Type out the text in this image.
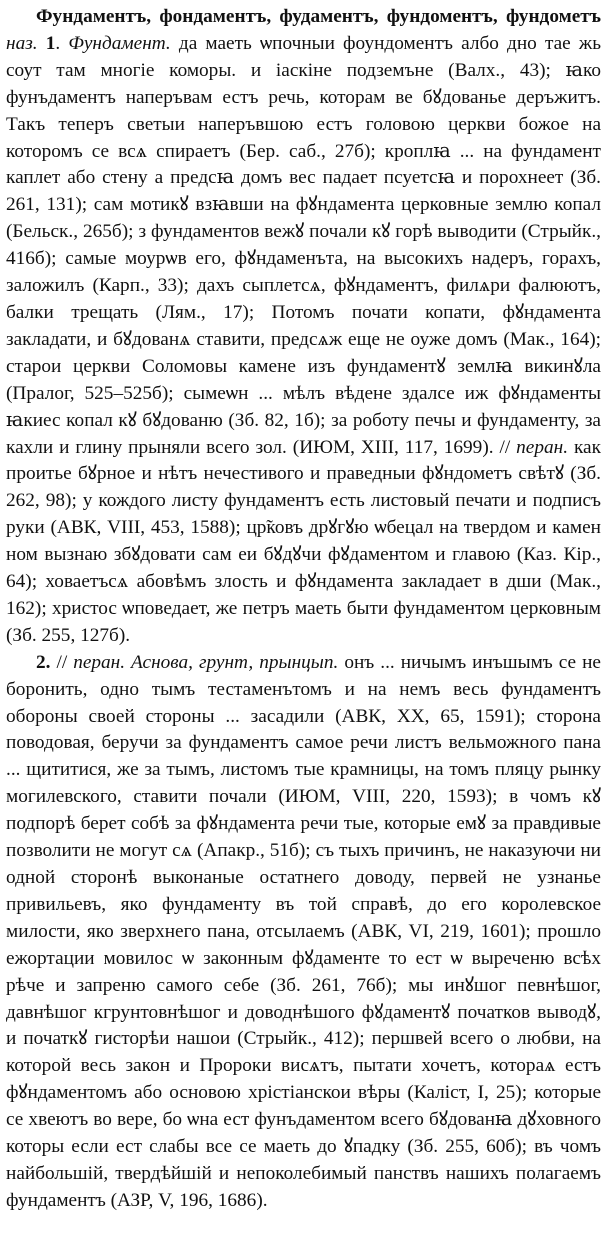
Фундаментъ, фондаментъ, фудаментъ, фундоментъ, фундометъ наз. 1. Фундамент. да маеть ѡпочныи фоундоментъ албо дно тае жь соут там многіе коморы. и іаскіне подземъне (Валх., 43); ꙗко фунъдаментъ наперъвам естъ речь, которам ве бꙋдованье деръжитъ. Такъ теперъ светыи наперъвшою естъ головою церкви божое на которомъ се всѧ спираетъ (Бер. саб., 27б); кроплꙗ ... на фундамент каплет або стену а предсꙗ домъ вес падает псуетсꙗ и порохнеет (Зб. 261, 131); сам мотикꙋ взꙗвши на фꙋндамента церковные землю копал (Бельск., 265б); з фундаментов вежꙋ почали кꙋ горѣ выводити (Стрыйк., 416б); самые моурѡв его, фꙋндаменъта, на высокихъ надеръ, горахъ, заложилъ (Карп., 33); дахъ сыплетсѧ, фꙋндаментъ, филѧри фалюютъ, балки трещать (Лям., 17); Потомъ почати копати, фꙋндамента закладати, и бꙋдованѧ ставити, предсѧж еще не оуже домъ (Мак., 164); старои церкви Соломовы камене изъ фундаментꙋ землꙗ викинꙋла (Пралог, 525–525б); сымеѡн ... мѣлъ вѣдене здалсе иж фꙋндаменты ꙗкиес копал кꙋ бꙋдованю (Зб. 82, 1б); за роботу печы и фундаменту, за кахли и глину прыняли всего зол. (ИЮМ, XIII, 117, 1699). // перан. как проитье бꙋрное и нѣтъ нечестивого и праведныи фꙋндометъ свѣтꙋ (Зб. 262, 98); у кождого листу фундаментъ есть листовый печати и подписъ руки (АВК, VIII, 453, 1588); цр̃ковъ дрꙋгꙋю ѡбецал на твердом и камен ном вызнаю збꙋдовати сам еи бꙋдꙋчи фꙋдаментом и главою (Каз. Кір., 64); ховаетъсѧ абовѣмъ злость и фꙋндамента закладает в дши (Мак., 162); христос ѡповедает, же петръ маеть быти фундаментом церковным (Зб. 255, 127б).

2. // перан. Аснова, грунт, прынцып. онъ ... ничымъ инъшымъ се не боронить, одно тымъ тестаменътомъ и на немъ весь фундаментъ обороны своей стороны ... засадили (АВК, XX, 65, 1591); сторона поводовая, беручи за фундаментъ самое речи листъ вельможного пана ... щититися, же за тымъ, листомъ тые крамницы, на томъ пляцу рынку могилевского, ставити почали (ИЮМ, VIII, 220, 1593); в чомъ кꙋ подпорѣ берет собѣ за фꙋндамента речи тые, которые емꙋ за правдивые позволити не могут сѧ (Апакр., 51б); съ тыхъ причинъ, не наказуючи ни одной сторонѣ выконаные остатнего доводу, первей не узнанье привильевъ, яко фундаменту въ той справѣ, до его королевское милости, яко зверхнего пана, отсылаемъ (АВК, VI, 219, 1601); прошло ежортации мовилос ѡ законным фꙋдаменте то ест ѡ выреченю всѣх рѣче и запреню самого себе (Зб. 261, 76б); мы инꙋшог певнѣшог, давнѣшог кгрунтовнѣшог и доводнѣшого фꙋдаментꙋ початков выводꙋ, и початкꙋ гисторѣи нашои (Стрыйк., 412); першвей всего о любви, на которой весь закон и Пророки висѧтъ, пытати хочетъ, котораѧ естъ фꙋндаментомъ або основою хрістіанскои вѣры (Каліст, І, 25); которые се хвеютъ во вере, бо ѡна ест фунъдаментом всего бꙋдованꙗ дꙋховного которы если ест слабы все се маеть до ꙋпадку (Зб. 255, 60б); въ чомъ найбольшій, твердѣйшій и непоколебимый панствъ нашихъ полагаемъ фундаментъ (АЗР, V, 196, 1686).
